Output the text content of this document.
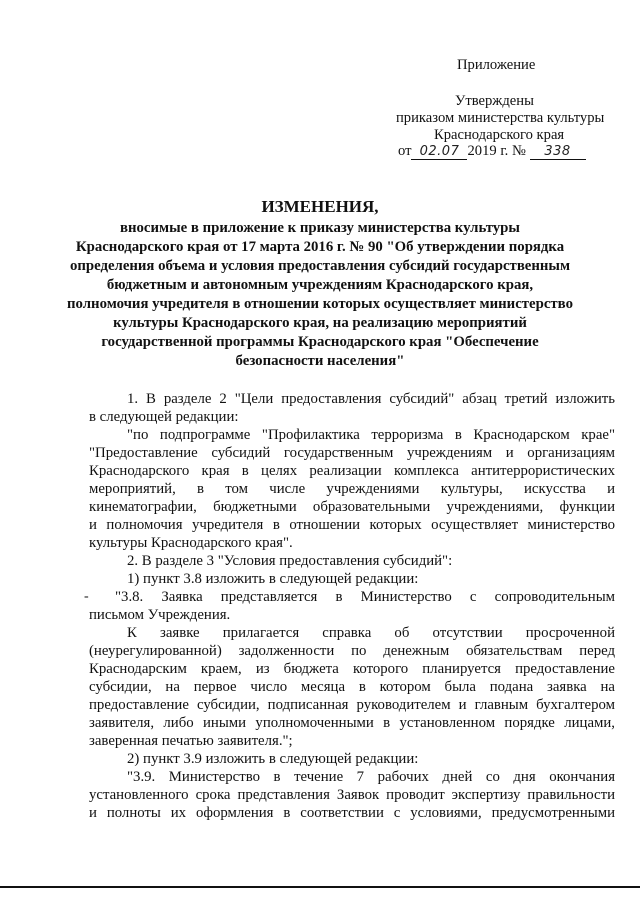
Приложение
Утверждены
приказом министерства культуры
Краснодарского края
от 02.07 2019 г. № 338
ИЗМЕНЕНИЯ,
вносимые в приложение к приказу министерства культуры
Краснодарского края от 17 марта 2016 г. № 90 "Об утверждении порядка
определения объема и условия предоставления субсидий государственным
бюджетным и автономным учреждениям Краснодарского края,
полномочия учредителя в отношении которых осуществляет министерство
культуры Краснодарского края, на реализацию мероприятий
государственной программы Краснодарского края "Обеспечение
безопасности населения"
1. В разделе 2 "Цели предоставления субсидий" абзац третий изложить
в следующей редакции:
"по подпрограмме "Профилактика терроризма в Краснодарском крае"
"Предоставление субсидий государственным учреждениям и организациям
Краснодарского края в целях реализации комплекса антитеррористических
мероприятий, в том числе учреждениями культуры, искусства и
кинематографии, бюджетными образовательными учреждениями, функции
и полномочия учредителя в отношении которых осуществляет министерство
культуры Краснодарского края".
2. В разделе 3 "Условия предоставления субсидий":
1) пункт 3.8 изложить в следующей редакции:
"3.8. Заявка представляется в Министерство с сопроводительным
письмом Учреждения.
К заявке прилагается справка об отсутствии просроченной
(неурегулированной) задолженности по денежным обязательствам перед
Краснодарским краем, из бюджета которого планируется предоставление
субсидии, на первое число месяца в котором была подана заявка на
предоставление субсидии, подписанная руководителем и главным бухгалтером
заявителя, либо иными уполномоченными в установленном порядке лицами,
заверенная печатью заявителя.";
2) пункт 3.9 изложить в следующей редакции:
"3.9. Министерство в течение 7 рабочих дней со дня окончания
установленного срока представления Заявок проводит экспертизу правильности
и полноты их оформления в соответствии с условиями, предусмотренными
-
